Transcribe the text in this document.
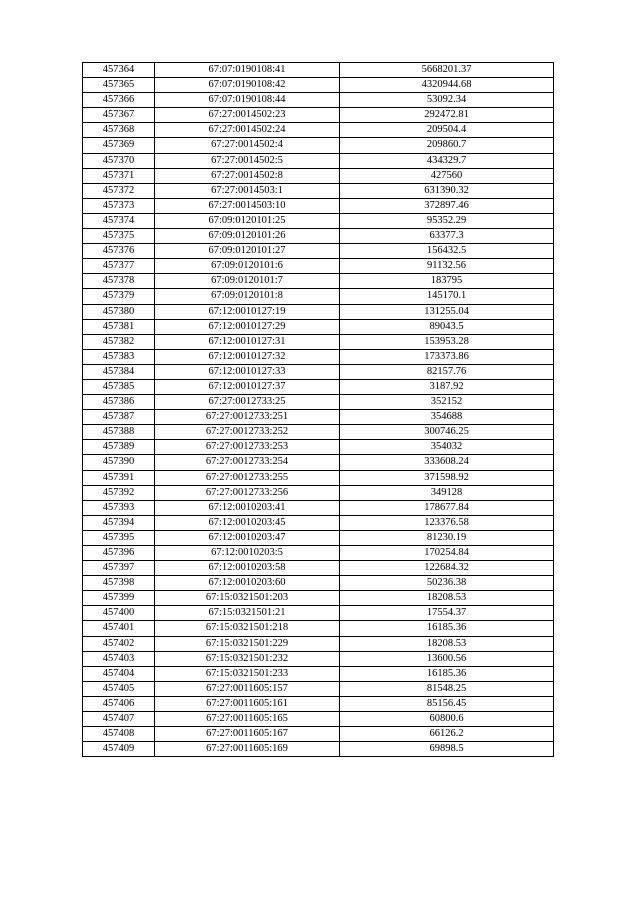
457364	67:07:0190108:41	5668201.37
457365	67:07:0190108:42	4320944.68
457366	67:07:0190108:44	53092.34
457367	67:27:0014502:23	292472.81
457368	67:27:0014502:24	209504.4
457369	67:27:0014502:4	209860.7
457370	67:27:0014502:5	434329.7
457371	67:27:0014502:8	427560
457372	67:27:0014503:1	631390.32
457373	67:27:0014503:10	372897.46
457374	67:09:0120101:25	95352.29
457375	67:09:0120101:26	63377.3
457376	67:09:0120101:27	156432.5
457377	67:09:0120101:6	91132.56
457378	67:09:0120101:7	183795
457379	67:09:0120101:8	145170.1
457380	67:12:0010127:19	131255.04
457381	67:12:0010127:29	89043.5
457382	67:12:0010127:31	153953.28
457383	67:12:0010127:32	173373.86
457384	67:12:0010127:33	82157.76
457385	67:12:0010127:37	3187.92
457386	67:27:0012733:25	352152
457387	67:27:0012733:251	354688
457388	67:27:0012733:252	300746.25
457389	67:27:0012733:253	354032
457390	67:27:0012733:254	333608.24
457391	67:27:0012733:255	371598.92
457392	67:27:0012733:256	349128
457393	67:12:0010203:41	178677.84
457394	67:12:0010203:45	123376.58
457395	67:12:0010203:47	81230.19
457396	67:12:0010203:5	170254.84
457397	67:12:0010203:58	122684.32
457398	67:12:0010203:60	50236.38
457399	67:15:0321501:203	18208.53
457400	67:15:0321501:21	17554.37
457401	67:15:0321501:218	16185.36
457402	67:15:0321501:229	18208.53
457403	67:15:0321501:232	13600.56
457404	67:15:0321501:233	16185.36
457405	67:27:0011605:157	81548.25
457406	67:27:0011605:161	85156.45
457407	67:27:0011605:165	60800.6
457408	67:27:0011605:167	66126.2
457409	67:27:0011605:169	69898.5
